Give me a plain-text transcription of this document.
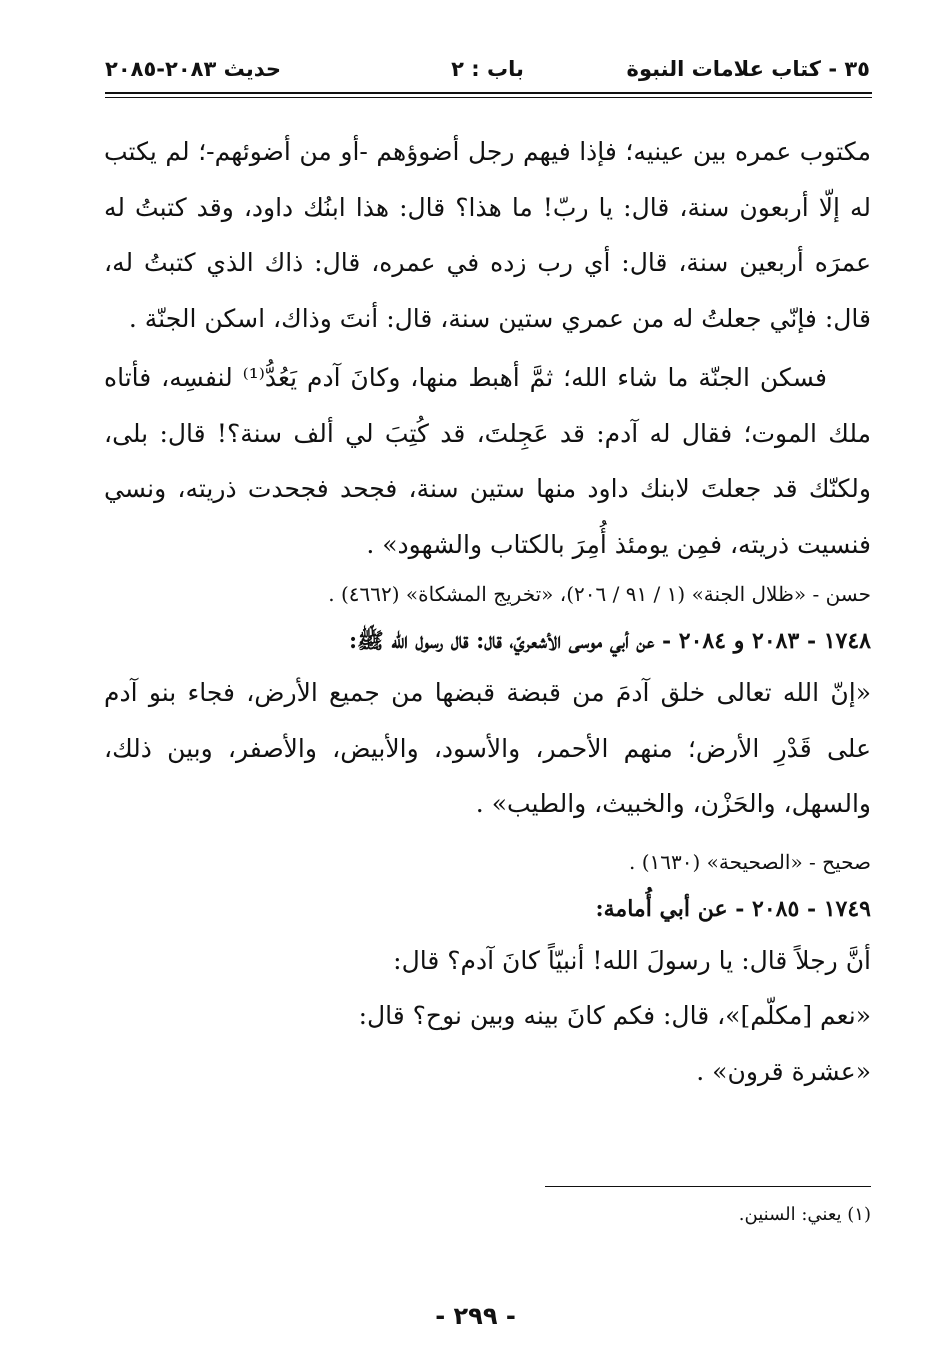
٣٥ - كتاب علامات النبوة
باب : ٢
حديث ٢٠٨٣-٢٠٨٥

مكتوب عمره بين عينيه؛ فإذا فيهم رجل أضوؤهم -أو من أضوئهم-؛ لم يكتب له إلّا أربعون سنة، قال: يا ربّ! ما هذا؟ قال: هذا ابنُك داود، وقد كتبتُ له عمرَه أربعين سنة، قال: أي رب زده في عمره، قال: ذاك الذي كتبتُ له، قال: فإنّي جعلتُ له من عمري ستين سنة، قال: أنتَ وذاك، اسكن الجنّة .

فسكن الجنّة ما شاء الله؛ ثمَّ أهبط منها، وكانَ آدم يَعُدُّ⁽¹⁾ لنفسِه، فأتاه ملك الموت؛ فقال له آدم: قد عَجِلتَ، قد كُتِبَ لي ألف سنة؟! قال: بلى، ولكنّك قد جعلتَ لابنك داود منها ستين سنة، فجحد فجحدت ذريته، ونسي فنسيت ذريته، فمِن يومئذ أُمِرَ بالكتاب والشهود» .

حسن - «ظلال الجنة» (١ / ٩١ / ٢٠٦)، «تخريج المشكاة» (٤٦٦٢) .

١٧٤٨ - ٢٠٨٣ و ٢٠٨٤ - عن أبي موسى الأشعريّ، قال: قال رسول الله ﷺ:

«إنّ الله تعالى خلق آدمَ من قبضة قبضها من جميع الأرض، فجاء بنو آدم على قَدْرِ الأرض؛ منهم الأحمر، والأسود، والأبيض، والأصفر، وبين ذلك، والسهل، والحَزْن، والخبيث، والطيب» .

صحيح - «الصحيحة» (١٦٣٠) .

١٧٤٩ - ٢٠٨٥ - عن أبي أُمامة:

أنَّ رجلاً قال: يا رسولَ الله! أنبيّاً كانَ آدم؟ قال:

«نعم [مكلّم]»، قال: فكم كانَ بينه وبين نوح؟ قال:

«عشرة قرون» .

(١) يعني: السنين.
- ٢٩٩ -
